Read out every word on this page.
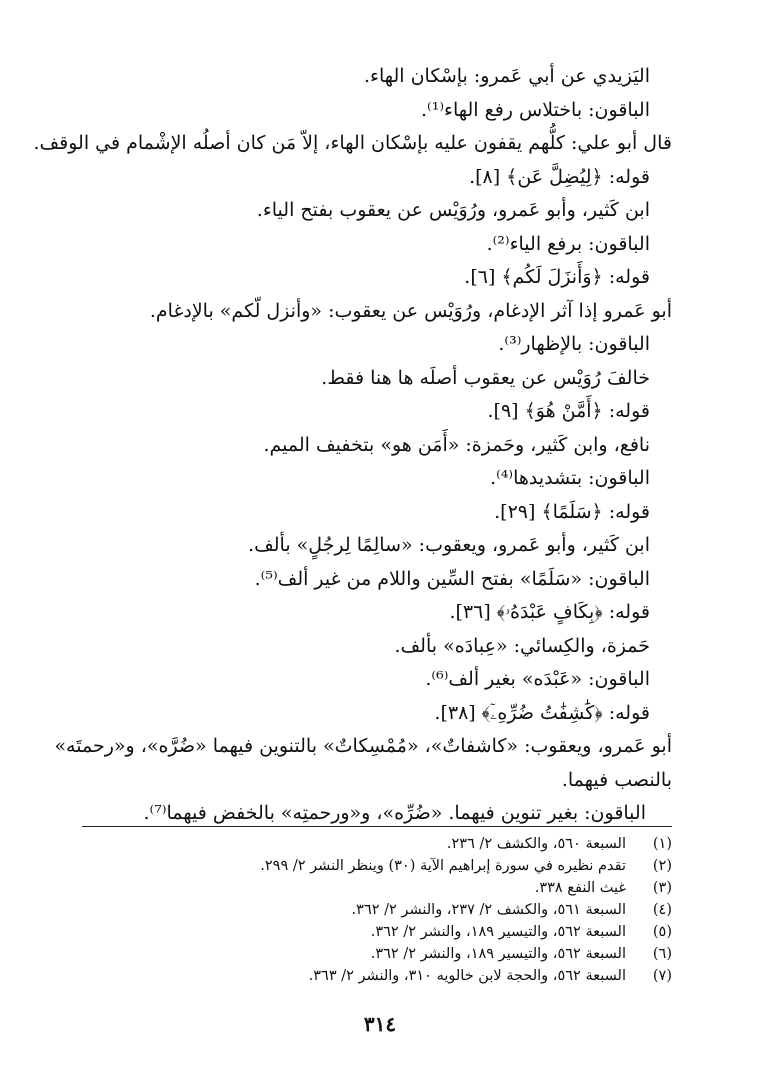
اليَزيدي عن أبي عَمرو: بإسْكان الهاء.
الباقون: باختلاس رفع الهاء⁽¹⁾.
قال أبو علي: كلُّهم يقفون عليه بإسْكان الهاء، إلاّ مَن كان أصلُه الإشْمام في الوقف.
قوله: ﴿لِيُضِلَّ عَن﴾ [٨].
ابن كَثير، وأبو عَمرو، ورُوَيْس عن يعقوب بفتح الياء.
الباقون: برفع الياء⁽²⁾.
قوله: ﴿وَأَنزَلَ لَكُم﴾ [٦].
أبو عَمرو إذا آثر الإدغام، ورُوَيْس عن يعقوب: «وأنزل لّكم» بالإدغام.
الباقون: بالإظهار⁽³⁾.
خالفَ رُوَيْس عن يعقوب أصلَه ها هنا فقط.
قوله: ﴿أَمَّنْ هُوَ﴾ [٩].
نافع، وابن كَثير، وحَمزة: «أَمَن هو» بتخفيف الميم.
الباقون: بتشديدها⁽⁴⁾.
قوله: ﴿سَلَمًا﴾ [٢٩].
ابن كَثير، وأبو عَمرو، ويعقوب: «سالِمًا لِرجُلٍ» بألف.
الباقون: «سَلَمًا» بفتح السِّين واللام من غير ألف⁽⁵⁾.
قوله: ﴿بِكَافٍ عَبْدَهُۥ﴾ [٣٦].
حَمزة، والكِسائي: «عِبادَه» بألف.
الباقون: «عَبْدَه» بغير ألف⁽⁶⁾.
قوله: ﴿كَٰشِفَٰتُ ضُرِّهِۦٓ﴾ [٣٨].
أبو عَمرو، ويعقوب: «كاشفاتٌ»، «مُمْسِكاتٌ» بالتنوين فيهما «ضُرَّه»، و«رحمتَه»
بالنصب فيهما.
الباقون: بغير تنوين فيهما. «ضُرِّه»، و«ورحمتِه» بالخفض فيهما⁽⁷⁾.
(١)
السبعة ٥٦٠، والكشف ٢/ ٢٣٦.
(٢)
تقدم نظيره في سورة إبراهيم الآية (٣٠) وينظر النشر ٢/ ٢٩٩.
(٣)
غيث النفع ٣٣٨.
(٤)
السبعة ٥٦١، والكشف ٢/ ٢٣٧، والنشر ٢/ ٣٦٢.
(٥)
السبعة ٥٦٢، والتيسير ١٨٩، والنشر ٢/ ٣٦٢.
(٦)
السبعة ٥٦٢، والتيسير ١٨٩، والنشر ٢/ ٣٦٢.
(٧)
السبعة ٥٦٢، والحجة لابن خالويه ٣١٠، والنشر ٢/ ٣٦٣.
٣١٤
